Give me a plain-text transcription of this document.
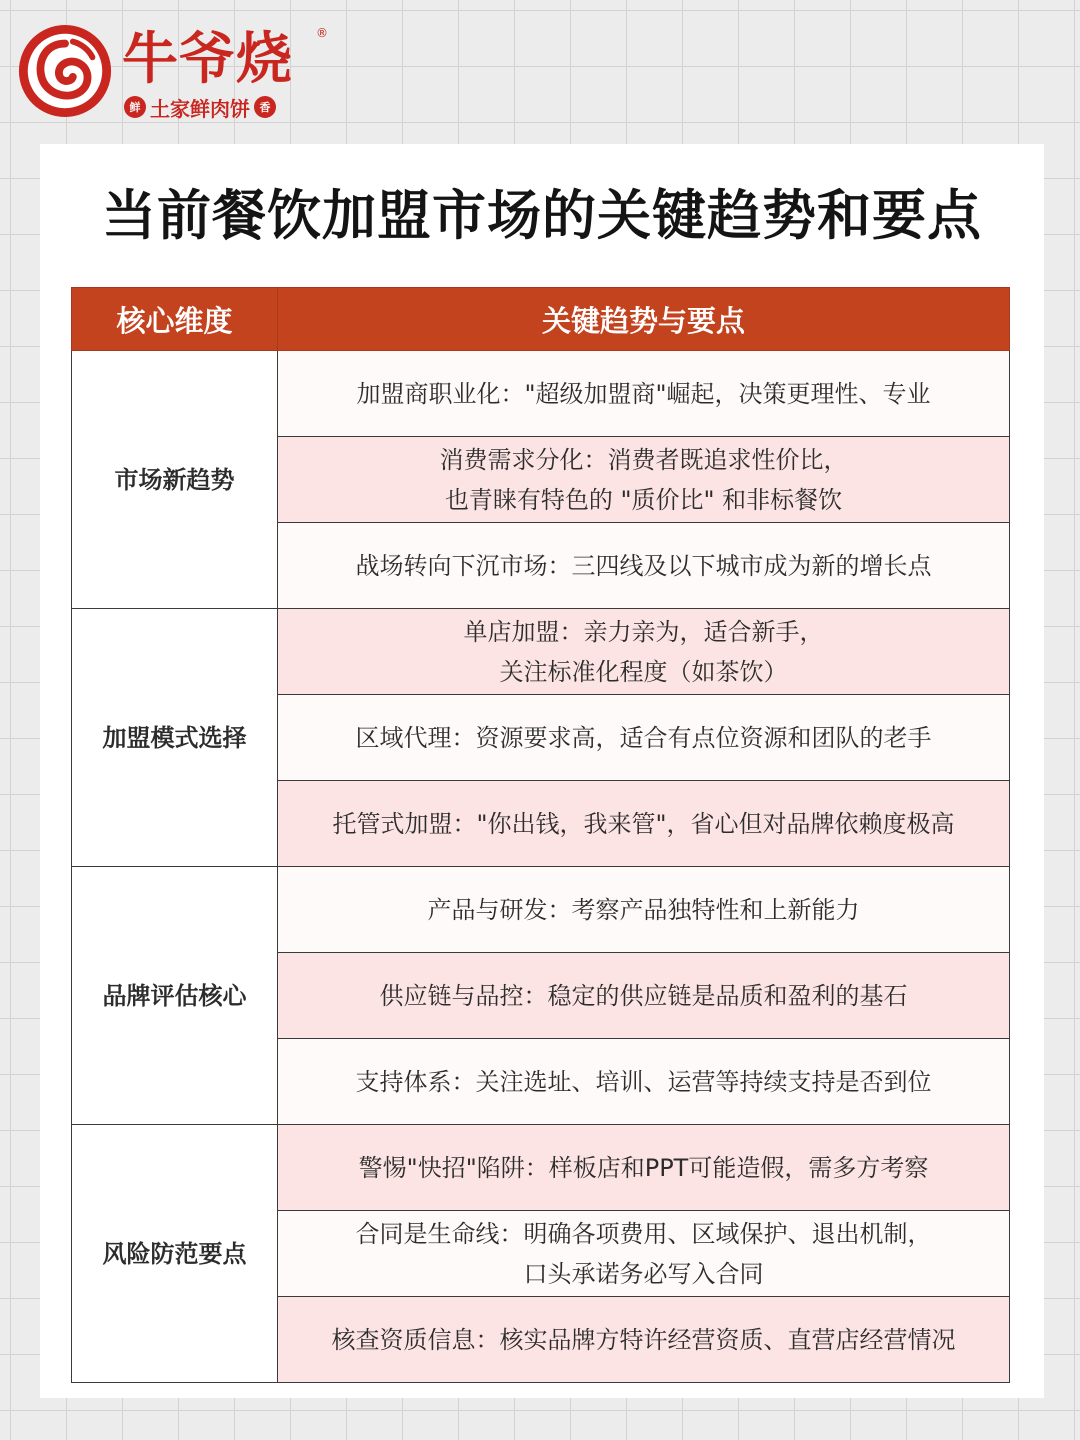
牛爷烧 ®
鲜 土家鲜肉饼 香
当前餐饮加盟市场的关键趋势和要点
核心维度	关键趋势与要点
市场新趋势	加盟商职业化："超级加盟商"崛起，决策更理性、专业

	消费需求分化：消费者既追求性价比，
也青睐有特色的 "质价比" 和非标餐饮

	战场转向下沉市场：三四线及以下城市成为新的增长点

加盟模式选择	单店加盟：亲力亲为，适合新手，
关注标准化程度（如茶饮）

	区域代理：资源要求高，适合有点位资源和团队的老手

	托管式加盟："你出钱，我来管"，省心但对品牌依赖度极高

品牌评估核心	产品与研发：考察产品独特性和上新能力

	供应链与品控：稳定的供应链是品质和盈利的基石

	支持体系：关注选址、培训、运营等持续支持是否到位

风险防范要点	警惕"快招"陷阱：样板店和PPT可能造假，需多方考察

	合同是生命线：明确各项费用、区域保护、退出机制，
口头承诺务必写入合同

	核查资质信息：核实品牌方特许经营资质、直营店经营情况
